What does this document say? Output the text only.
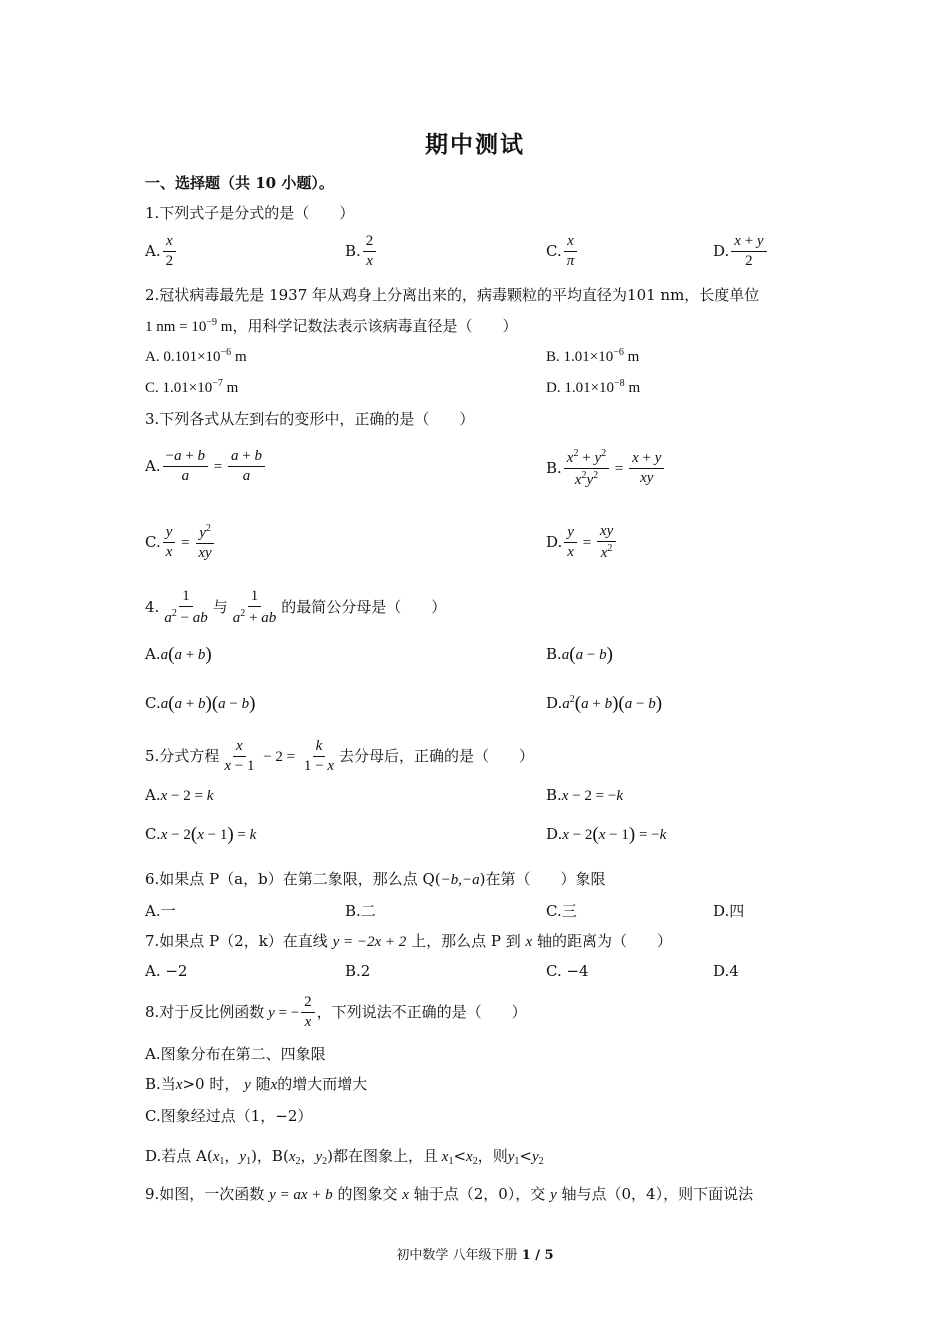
期中测试
一、选择题（共 10 小题）。
1.下列式子是分式的是（　　）
A. $\frac{x}{2}$	B. $\frac{2}{x}$	C. $\frac{x}{\pi}$	D. $\frac{x + y}{2}$
2.冠状病毒最先是 1937 年从鸡身上分离出来的，病毒颗粒的平均直径为101 nm，长度单位
1 nm = $10^{-9}$ m，用科学记数法表示该病毒直径是（　　）
A. $0.101\times 10^{-6}$ m	B. $1.01\times 10^{-6}$ m
C. $1.01\times 10^{-7}$ m	D. $1.01\times 10^{-8}$ m
3.下列各式从左到右的变形中，正确的是（　　）
A. $\frac{-a + b}{a} = \frac{a + b}{a}$	B. $\frac{x^2 + y^2}{x^2y^2} = \frac{x + y}{xy}$
C. $\frac{y}{x} = \frac{y^2}{xy}$	D. $\frac{y}{x} = \frac{xy}{x^2}$
4. $\frac{1}{a^2 - ab}$ 与 $\frac{1}{a^2 + ab}$ 的最简公分母是（　　）
A.a(a + b)	B.a(a − b)
C.a(a + b)(a − b)	$D.a^2(a + b)(a - b)$
5.分式方程 $\frac{x}{x - 1} - 2 = \frac{k}{1 - x}$ 去分母后，正确的是（　　）
A.x − 2 = k	B.x − 2 = −k
C.x − 2(x − 1) = k	D.x − 2(x − 1) = −k
6.如果点 P（a，b）在第二象限，那么点 Q(−b,−a)在第（　　）象限
A.一	B.二	C.三	D.四
7.如果点 P（2，k）在直线 y = −2x + 2 上，那么点 P 到 x 轴的距离为（　　）
A. −2	B.2	C. −4	D.4
8.对于反比例函数 y = − $\frac{2}{x}$ ，下列说法不正确的是（　　）
A.图象分布在第二、四象限
B.当x>0 时， y 随x的增大而增大
C.图象经过点（1，−2）
D.若点 $A(x_1$，$y_1$)，$B(x_2$，$y_2$)都在图象上，且 $x_1<x_2$，则$y_1<y_2$
9.如图，一次函数 y = ax + b 的图象交 x 轴于点（2，0），交 y 轴与点（0，4），则下面说法
初中数学 八年级下册 1 / 5
